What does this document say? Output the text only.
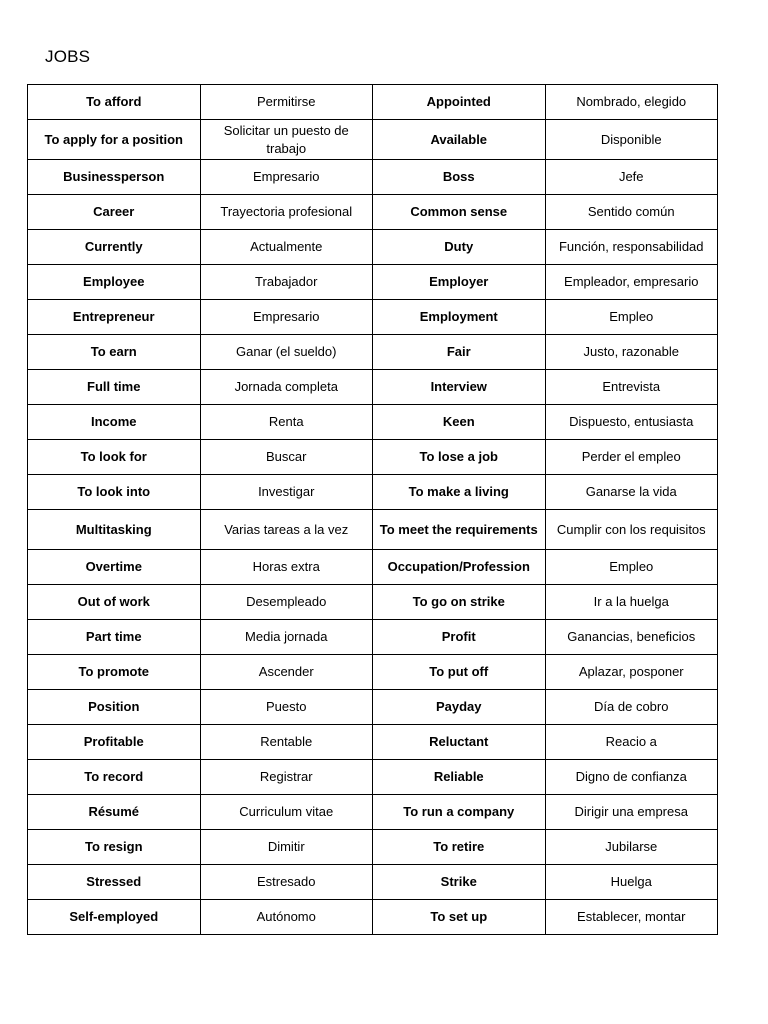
JOBS
To afford	Permitirse	Appointed	Nombrado, elegido
To apply for a position	Solicitar un puesto de trabajo	Available	Disponible
Businessperson	Empresario	Boss	Jefe
Career	Trayectoria profesional	Common sense	Sentido común
Currently	Actualmente	Duty	Función, responsabilidad
Employee	Trabajador	Employer	Empleador, empresario
Entrepreneur	Empresario	Employment	Empleo
To earn	Ganar (el sueldo)	Fair	Justo, razonable
Full time	Jornada completa	Interview	Entrevista
Income	Renta	Keen	Dispuesto, entusiasta
To look for	Buscar	To lose a job	Perder el empleo
To look into	Investigar	To make a living	Ganarse la vida
Multitasking	Varias tareas a la vez	To meet the requirements	Cumplir con los requisitos
Overtime	Horas extra	Occupation/Profession	Empleo
Out of work	Desempleado	To go on strike	Ir a la huelga
Part time	Media jornada	Profit	Ganancias, beneficios
To promote	Ascender	To put off	Aplazar, posponer
Position	Puesto	Payday	Día de cobro
Profitable	Rentable	Reluctant	Reacio a
To record	Registrar	Reliable	Digno de confianza
Résumé	Curriculum vitae	To run a company	Dirigir una empresa
To resign	Dimitir	To retire	Jubilarse
Stressed	Estresado	Strike	Huelga
Self-employed	Autónomo	To set up	Establecer, montar
